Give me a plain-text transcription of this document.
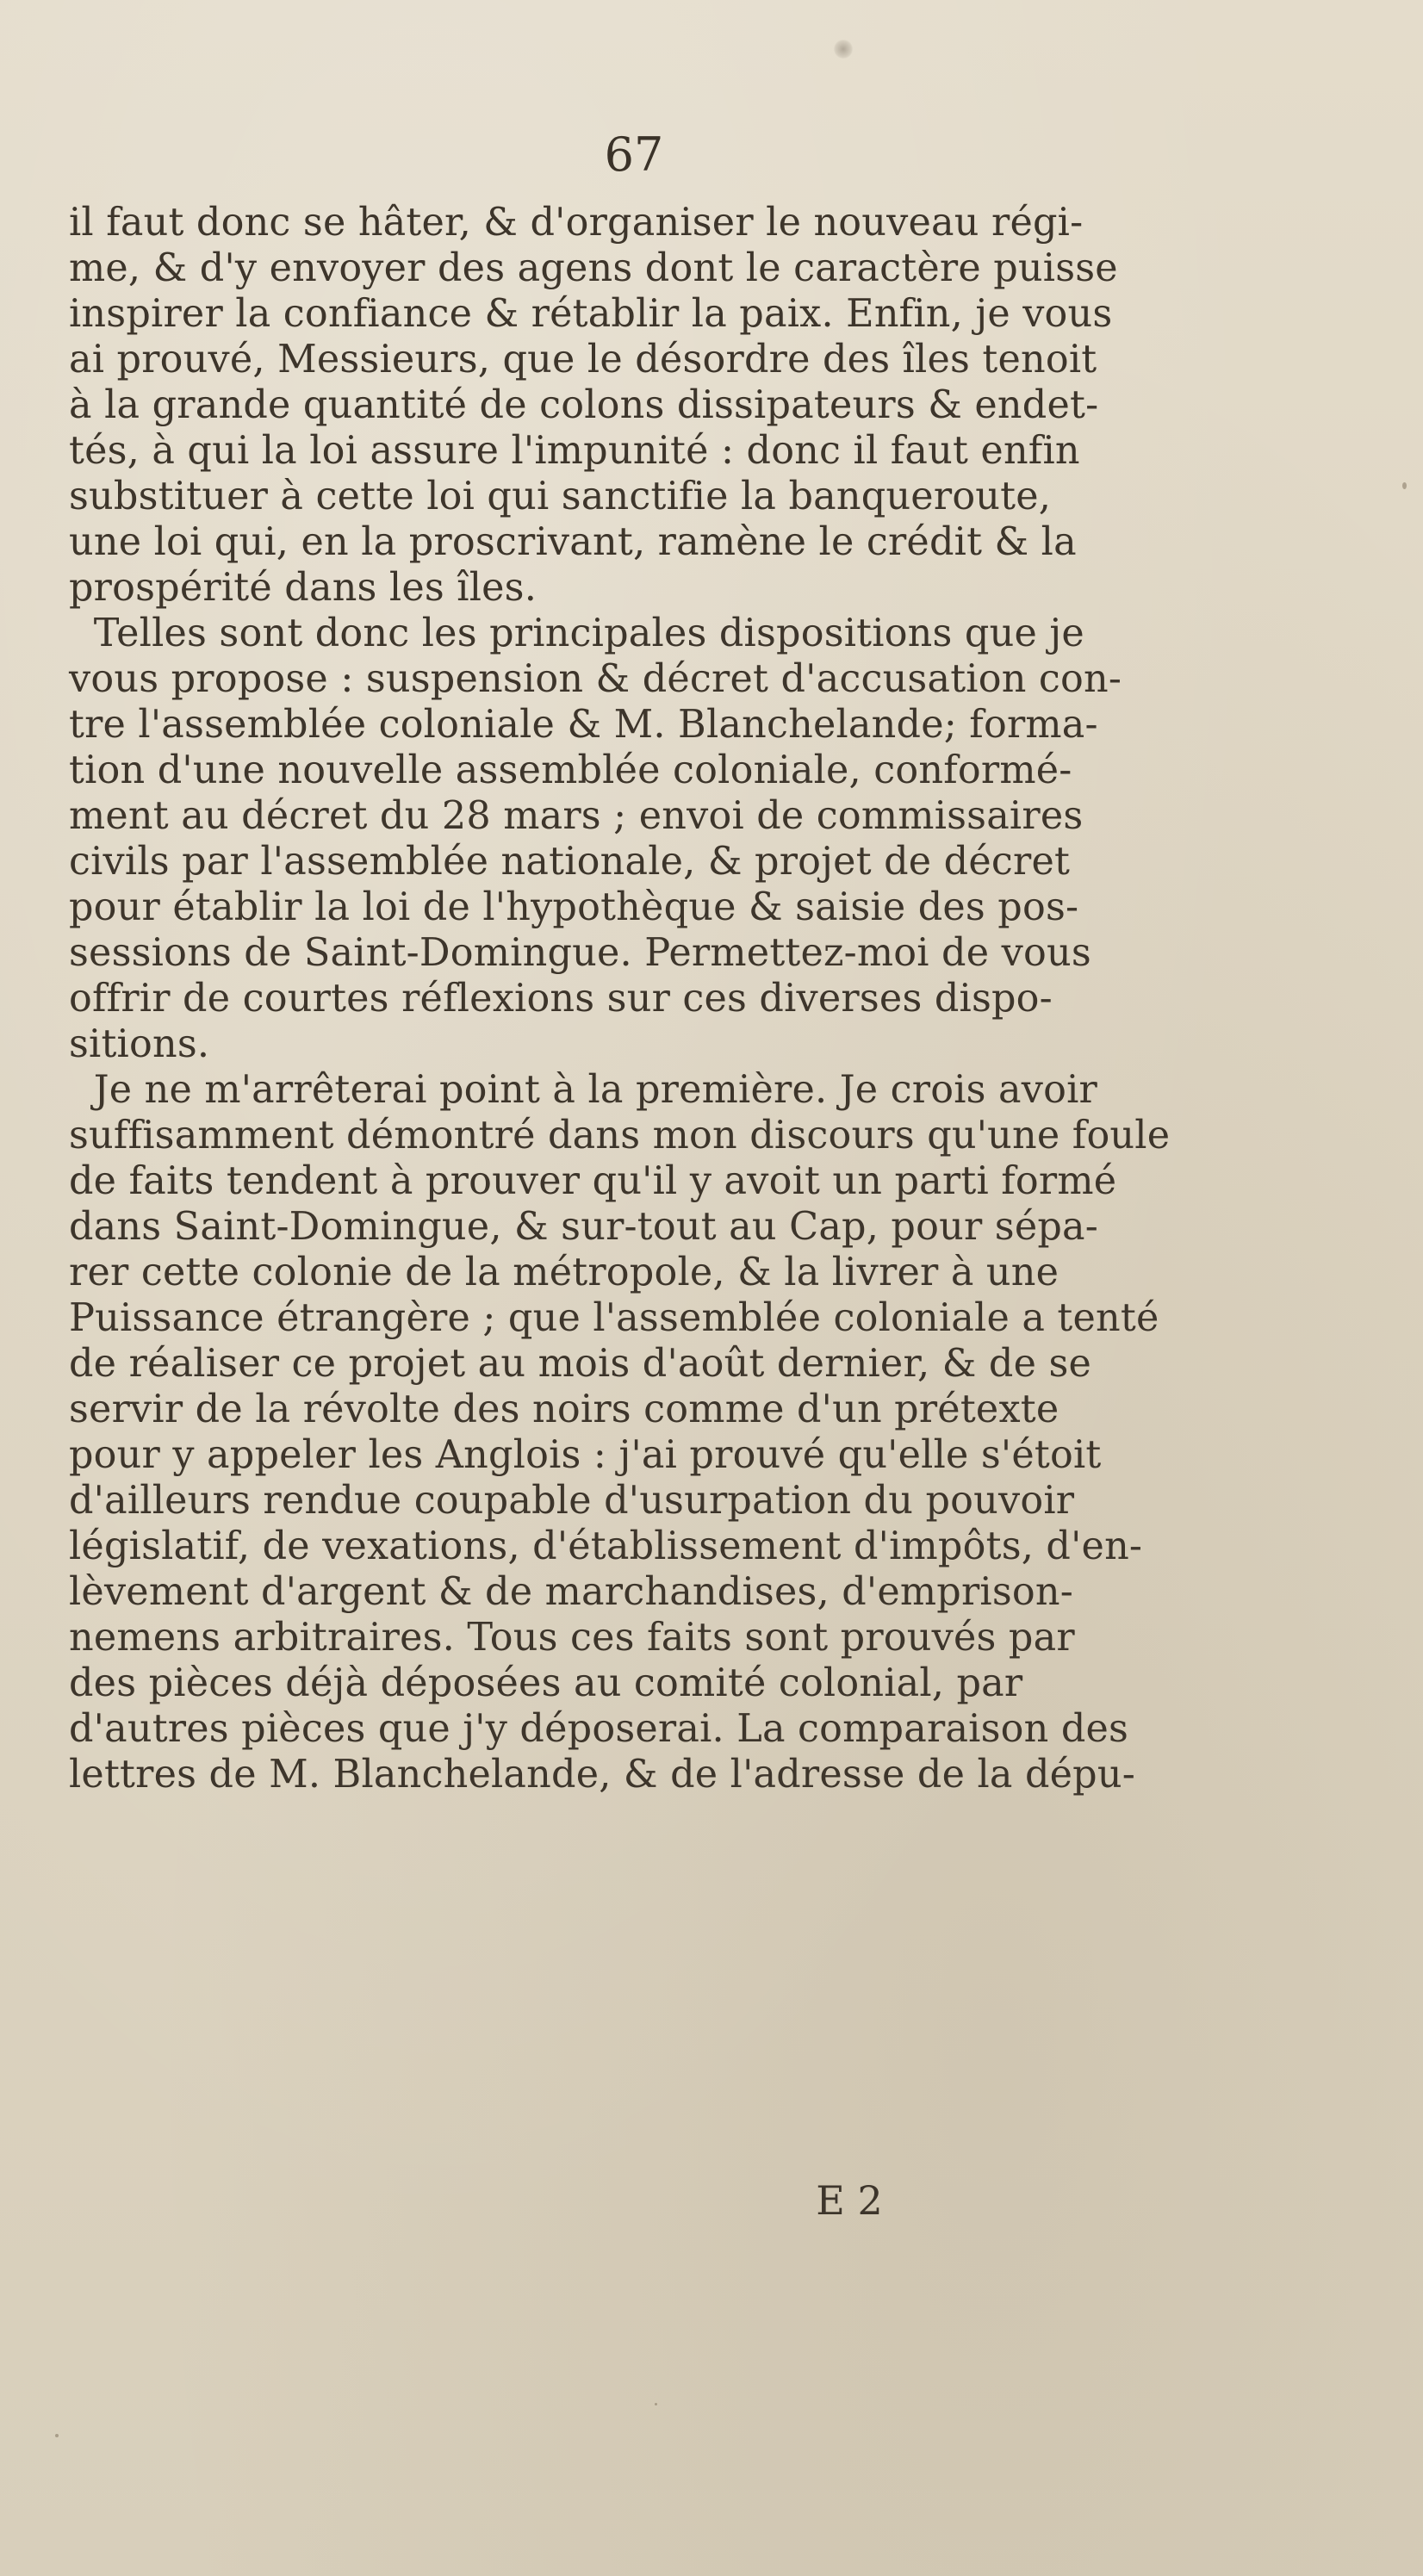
67
il faut donc se hâter, & d'organiser le nouveau régi-
me, & d'y envoyer des agens dont le caractère puisse
inspirer la confiance & rétablir la paix. Enfin, je vous
ai prouvé, Messieurs, que le désordre des îles tenoit
à la grande quantité de colons dissipateurs & endet-
tés, à qui la loi assure l'impunité : donc il faut enfin
substituer à cette loi qui sanctifie la banqueroute,
une loi qui, en la proscrivant, ramène le crédit & la
prospérité dans les îles.
Telles sont donc les principales dispositions que je
vous propose : suspension & décret d'accusation con-
tre l'assemblée coloniale & M. Blanchelande; forma-
tion d'une nouvelle assemblée coloniale, conformé-
ment au décret du 28 mars ; envoi de commissaires
civils par l'assemblée nationale, & projet de décret
pour établir la loi de l'hypothèque & saisie des pos-
sessions de Saint-Domingue. Permettez-moi de vous
offrir de courtes réflexions sur ces diverses dispo-
sitions.
Je ne m'arrêterai point à la première. Je crois avoir
suffisamment démontré dans mon discours qu'une foule
de faits tendent à prouver qu'il y avoit un parti formé
dans Saint-Domingue, & sur-tout au Cap, pour sépa-
rer cette colonie de la métropole, & la livrer à une
Puissance étrangère ; que l'assemblée coloniale a tenté
de réaliser ce projet au mois d'août dernier, & de se
servir de la révolte des noirs comme d'un prétexte
pour y appeler les Anglois : j'ai prouvé qu'elle s'étoit
d'ailleurs rendue coupable d'usurpation du pouvoir
législatif, de vexations, d'établissement d'impôts, d'en-
lèvement d'argent & de marchandises, d'emprison-
nemens arbitraires. Tous ces faits sont prouvés par
des pièces déjà déposées au comité colonial, par
d'autres pièces que j'y déposerai. La comparaison des
lettres de M. Blanchelande, & de l'adresse de la dépu-
E 2
